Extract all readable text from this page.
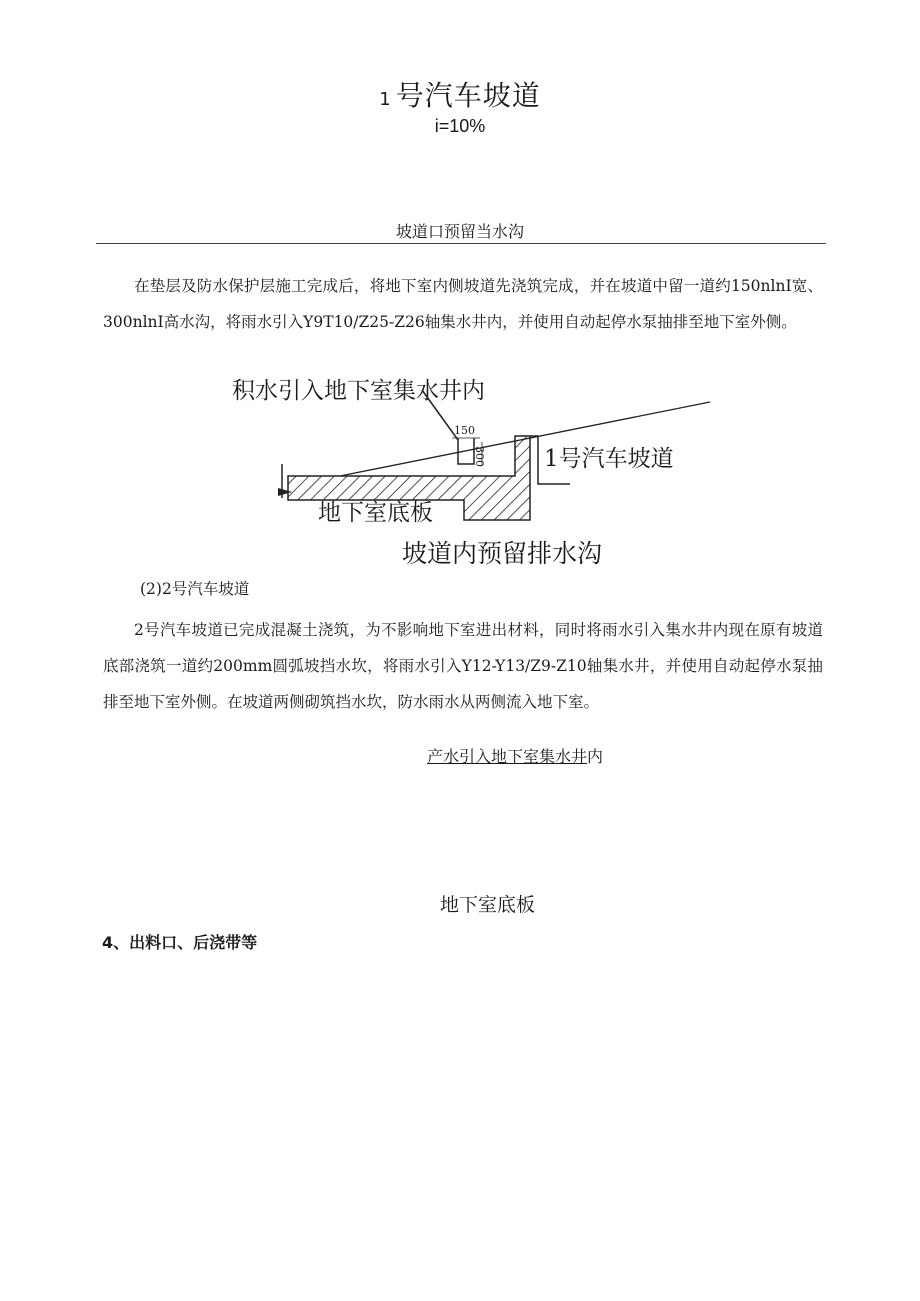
1 号汽车坡道
i=10%
坡道口预留当水沟
在垫层及防水保护层施工完成后，将地下室内侧坡道先浇筑完成，并在坡道中留一道约150nlnI宽、300nlnI高水沟，将雨水引入Y9T10/Z25-Z26轴集水井内，并使用自动起停水泵抽排至地下室外侧。
积水引入地下室集水井内
150
300	1号汽车坡道
地下室底板
坡道内预留排水沟
(2)2号汽车坡道
2号汽车坡道已完成混凝土浇筑，为不影响地下室进出材料，同时将雨水引入集水井内现在原有坡道底部浇筑一道约200mm圆弧坡挡水坎，将雨水引入Y12-Y13/Z9-Z10轴集水井，并使用自动起停水泵抽排至地下室外侧。在坡道两侧砌筑挡水坎，防水雨水从两侧流入地下室。
产水引入地下室集水井内
地下室底板
4、出料口、后浇带等
